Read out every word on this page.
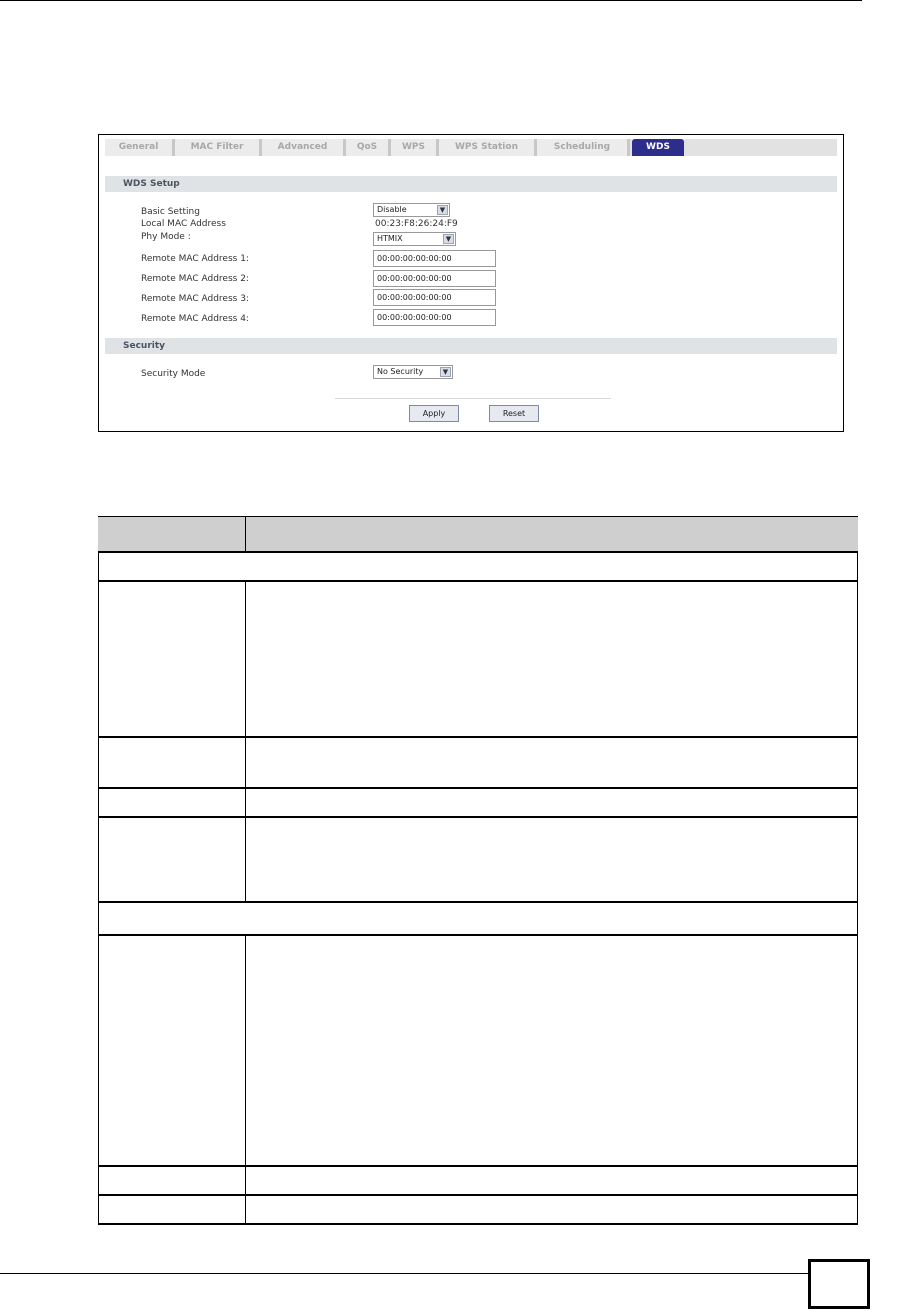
General	MAC Filter	Advanced	QoS	WPS	WPS Station	Scheduling	WDS
WDS Setup
Basic Setting	Disable	▼
Local MAC Address	00:23:F8:26:24:F9
Phy Mode :	HTMIX	▼
Remote MAC Address 1:	00:00:00:00:00:00
Remote MAC Address 2:	00:00:00:00:00:00
Remote MAC Address 3:	00:00:00:00:00:00
Remote MAC Address 4:	00:00:00:00:00:00
Security
Security Mode	No Security	▼
Apply	Reset
